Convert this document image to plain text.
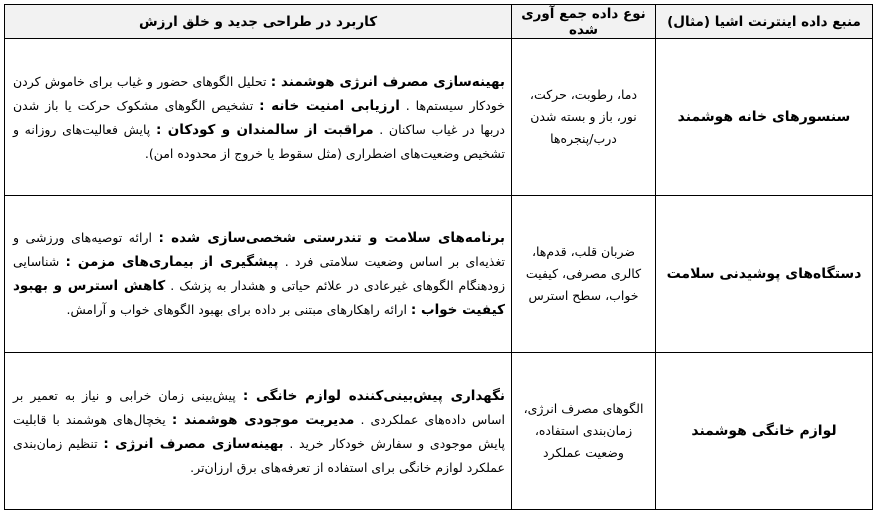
منبع داده اینترنت اشیا (مثال)	نوع داده جمع آوری شده	کاربرد در طراحی جدید و خلق ارزش
سنسورهای خانه هوشمند	دما، رطوبت، حرکت، نور، باز و بسته شدن درب/پنجره‌ها	بهینه‌سازی مصرف انرژی هوشمند : تحلیل الگوهای حضور و غیاب برای خاموش کردن خودکار سیستم‌ها . ارزیابی امنیت خانه : تشخیص الگوهای مشکوک حرکت یا باز شدن دربها در غیاب ساکنان . مراقبت از سالمندان و کودکان : پایش فعالیت‌های روزانه و تشخیص وضعیت‌های اضطراری (مثل سقوط یا خروج از محدوده امن).
دستگاه‌های پوشیدنی سلامت	ضربان قلب، قدم‌ها، کالری مصرفی، کیفیت خواب، سطح استرس	برنامه‌های سلامت و تندرستی شخصی‌سازی شده : ارائه توصیه‌های ورزشی و تغذیه‌ای بر اساس وضعیت سلامتی فرد . پیشگیری از بیماری‌های مزمن : شناسایی زودهنگام الگوهای غیرعادی در علائم حیاتی و هشدار به پزشک . کاهش استرس و بهبود کیفیت خواب : ارائه راهکارهای مبتنی بر داده برای بهبود الگوهای خواب و آرامش.
لوازم خانگی هوشمند	الگوهای مصرف انرژی، زمان‌بندی استفاده، وضعیت عملکرد	نگهداری پیش‌بینی‌کننده لوازم خانگی : پیش‌بینی زمان خرابی و نیاز به تعمیر بر اساس داده‌های عملکردی . مدیریت موجودی هوشمند : یخچال‌های هوشمند با قابلیت پایش موجودی و سفارش خودکار خرید . بهینه‌سازی مصرف انرژی : تنظیم زمان‌بندی عملکرد لوازم خانگی برای استفاده از تعرفه‌های برق ارزان‌تر.
